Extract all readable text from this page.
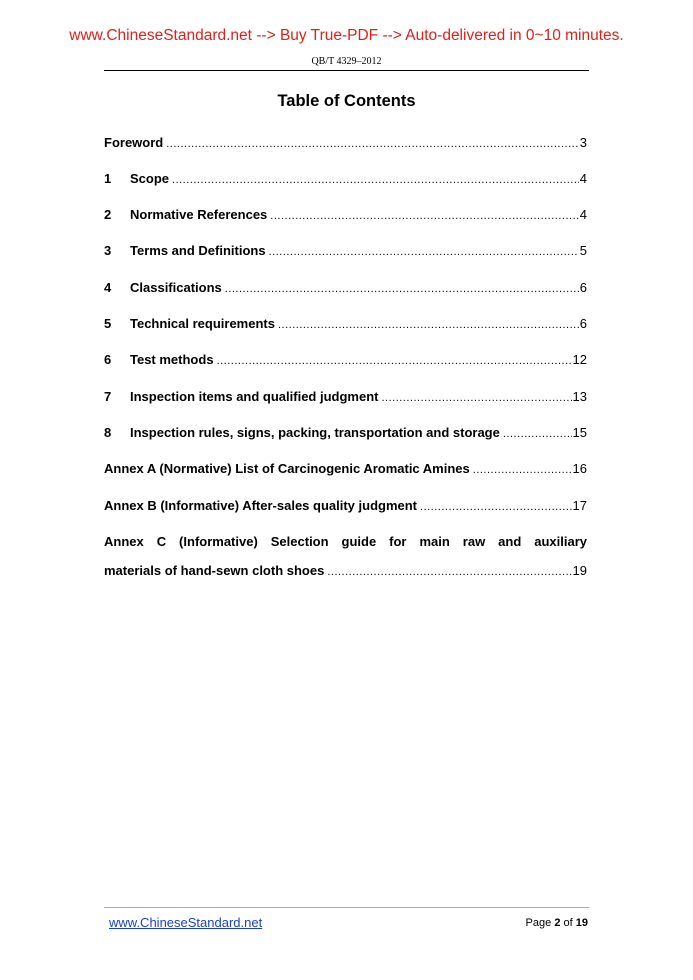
www.ChineseStandard.net --> Buy True-PDF --> Auto-delivered in 0~10 minutes.
QB/T 4329–2012
Table of Contents
Foreword .....	3
1	Scope .....	4
2	Normative References .....	4
3	Terms and Definitions .....	5
4	Classifications .....	6
5	Technical requirements .....	6
6	Test methods .....	12
7	Inspection items and qualified judgment .....	13
8	Inspection rules, signs, packing, transportation and storage .....	15
Annex A (Normative) List of Carcinogenic Aromatic Amines .....	16
Annex B (Informative) After-sales quality judgment .....	17
Annex C (Informative) Selection guide for main raw and auxiliary
materials of hand-sewn cloth shoes .....	19
www.ChineseStandard.net	Page 2 of 19
